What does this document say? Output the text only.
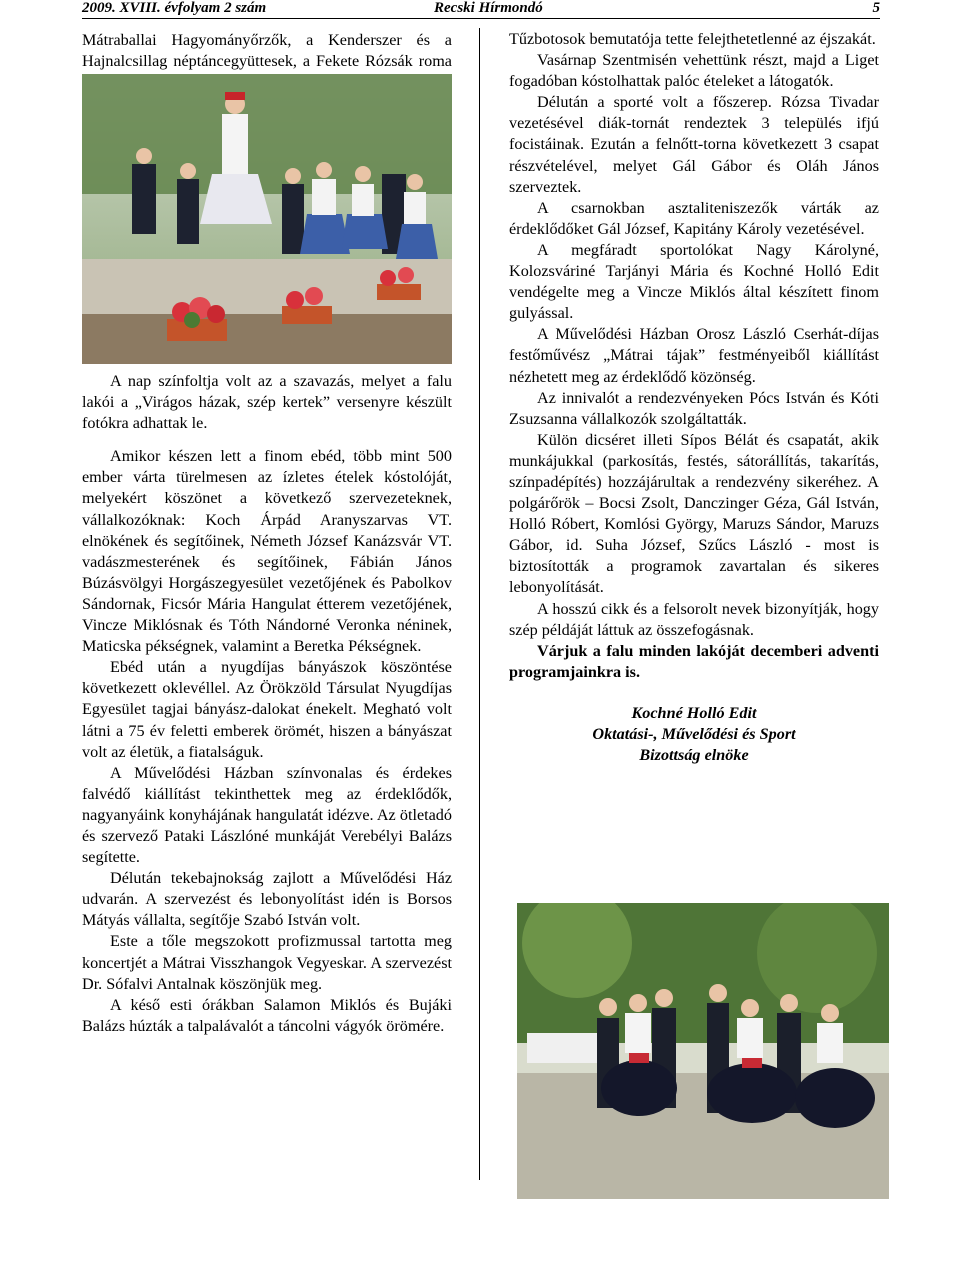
2009. XVIII. évfolyam 2 szám	Recski Hírmondó	5

Mátraballai Hagyományőrzők, a Kenderszer és a Hajnalcsillag néptáncegyüttesek, a Fekete Rózsák roma

A nap színfoltja volt az a szavazás, melyet a falu lakói a „Virágos házak, szép kertek” versenyre készült fotókra adhattak le.

Amikor készen lett a finom ebéd, több mint 500 ember várta türelmesen az ízletes ételek kóstolóját, melyekért köszönet a következő szervezeteknek, vállalkozóknak: Koch Árpád Aranyszarvas VT. elnökének és segítőinek, Németh József Kanázsvár VT. vadászmesterének és segítőinek, Fábián János Búzásvölgyi Horgászegyesület vezetőjének és Pabolkov Sándornak, Ficsór Mária Hangulat étterem vezetőjének, Vincze Miklósnak és Tóth Nándorné Veronka néninek, Maticska pékségnek, valamint a Beretka Pékségnek.

Ebéd után a nyugdíjas bányászok köszöntése következett oklevéllel. Az Örökzöld Társulat Nyugdíjas Egyesület tagjai bányász-dalokat énekelt. Megható volt látni a 75 év feletti emberek örömét, hiszen a bányászat volt az életük, a fiatalságuk.

A Művelődési Házban színvonalas és érdekes falvédő kiállítást tekinthettek meg az érdeklődők, nagyanyáink konyhájának hangulatát idézve. Az ötletadó és szervező Pataki Lászlóné munkáját Verebélyi Balázs segítette.

Délután tekebajnokság zajlott a Művelődési Ház udvarán. A szervezést és lebonyolítást idén is Borsos Mátyás vállalta, segítője Szabó István volt.

Este a tőle megszokott profizmussal tartotta meg koncertjét a Mátrai Visszhangok Vegyeskar. A szervezést Dr. Sófalvi Antalnak köszönjük meg.

A késő esti órákban Salamon Miklós és Bujáki Balázs húzták a talpalávalót a táncolni vágyók örömére.

Tűzbotosok bemutatója tette felejthetetlenné az éjszakát.

Vasárnap Szentmisén vehettünk részt, majd a Liget fogadóban kóstolhattak palóc ételeket a látogatók.

Délután a sporté volt a főszerep. Rózsa Tivadar vezetésével diák-tornát rendeztek 3 település ifjú focistáinak. Ezután a felnőtt-torna következett 3 csapat részvételével, melyet Gál Gábor és Oláh János szerveztek.

A csarnokban asztaliteniszezők várták az érdeklődőket Gál József, Kapitány Károly vezetésével.

A megfáradt sportolókat Nagy Károlyné, Kolozsváriné Tarjányi Mária és Kochné Holló Edit vendégelte meg a Vincze Miklós által készített finom gulyással.

A Művelődési Házban Orosz László Cserhát-díjas festőművész „Mátrai tájak” festményeiből kiállítást nézhetett meg az érdeklődő közönség.

Az innivalót a rendezvényeken Pócs István és Kóti Zsuzsanna vállalkozók szolgáltatták.

Külön dicséret illeti Sípos Bélát és csapatát, akik munkájukkal (parkosítás, festés, sátorállítás, takarítás, színpadépítés) hozzájárultak a rendezvény sikeréhez. A polgárőrök – Bocsi Zsolt, Danczinger Géza, Gál István, Holló Róbert, Komlósi György, Maruzs Sándor, Maruzs Gábor, id. Suha József, Szűcs László - most is biztosították a programok zavartalan és sikeres lebonyolítását.

A hosszú cikk és a felsorolt nevek bizonyítják, hogy szép példáját láttuk az összefogásnak.

Várjuk a falu minden lakóját decemberi adventi programjainkra is.

Kochné Holló Edit
Oktatási-, Művelődési és Sport
Bizottság elnöke
